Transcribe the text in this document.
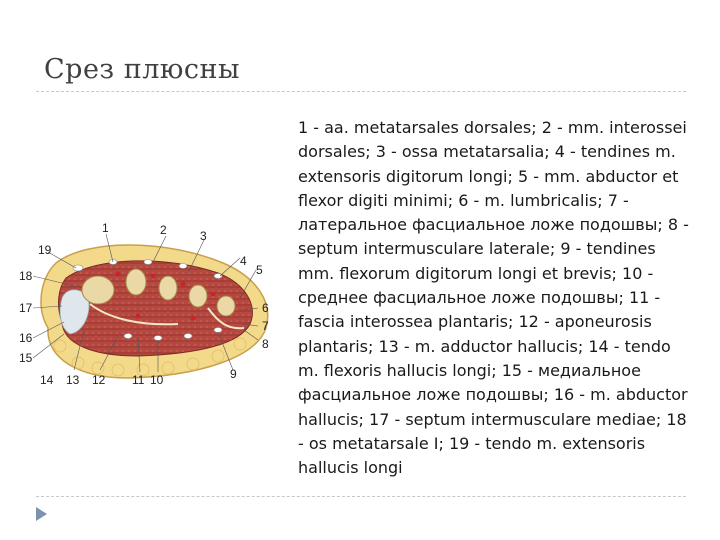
Срез плюсны
1	2	3
4
5
6
7
8
9
10
11
12
13
14
15
16
17
18
19
1 - aa. metatarsales dorsales; 2 - mm. interossei dorsales; 3 - ossa metatarsalia; 4 - tendines m. extensoris digitorum longi; 5 - mm. abductor et flexor digiti minimi; 6 - m. lumbricalis; 7 - латеральное фасциальное ложе подошвы; 8 - septum intermusculare laterale; 9 - tendines mm. flexorum digitorum longi et brevis; 10 - среднее фасциальное ложе подошвы; 11 - fascia interossea plantaris; 12 - aponeurosis plantaris; 13 - m. adductor hallucis; 14 - tendo m. flexoris hallucis longi; 15 - медиальное фасциальное ложе подошвы; 16 - m. abductor hallucis; 17 - septum intermusculare mediae; 18 - os metatarsale I; 19 - tendo m. extensoris hallucis longi
